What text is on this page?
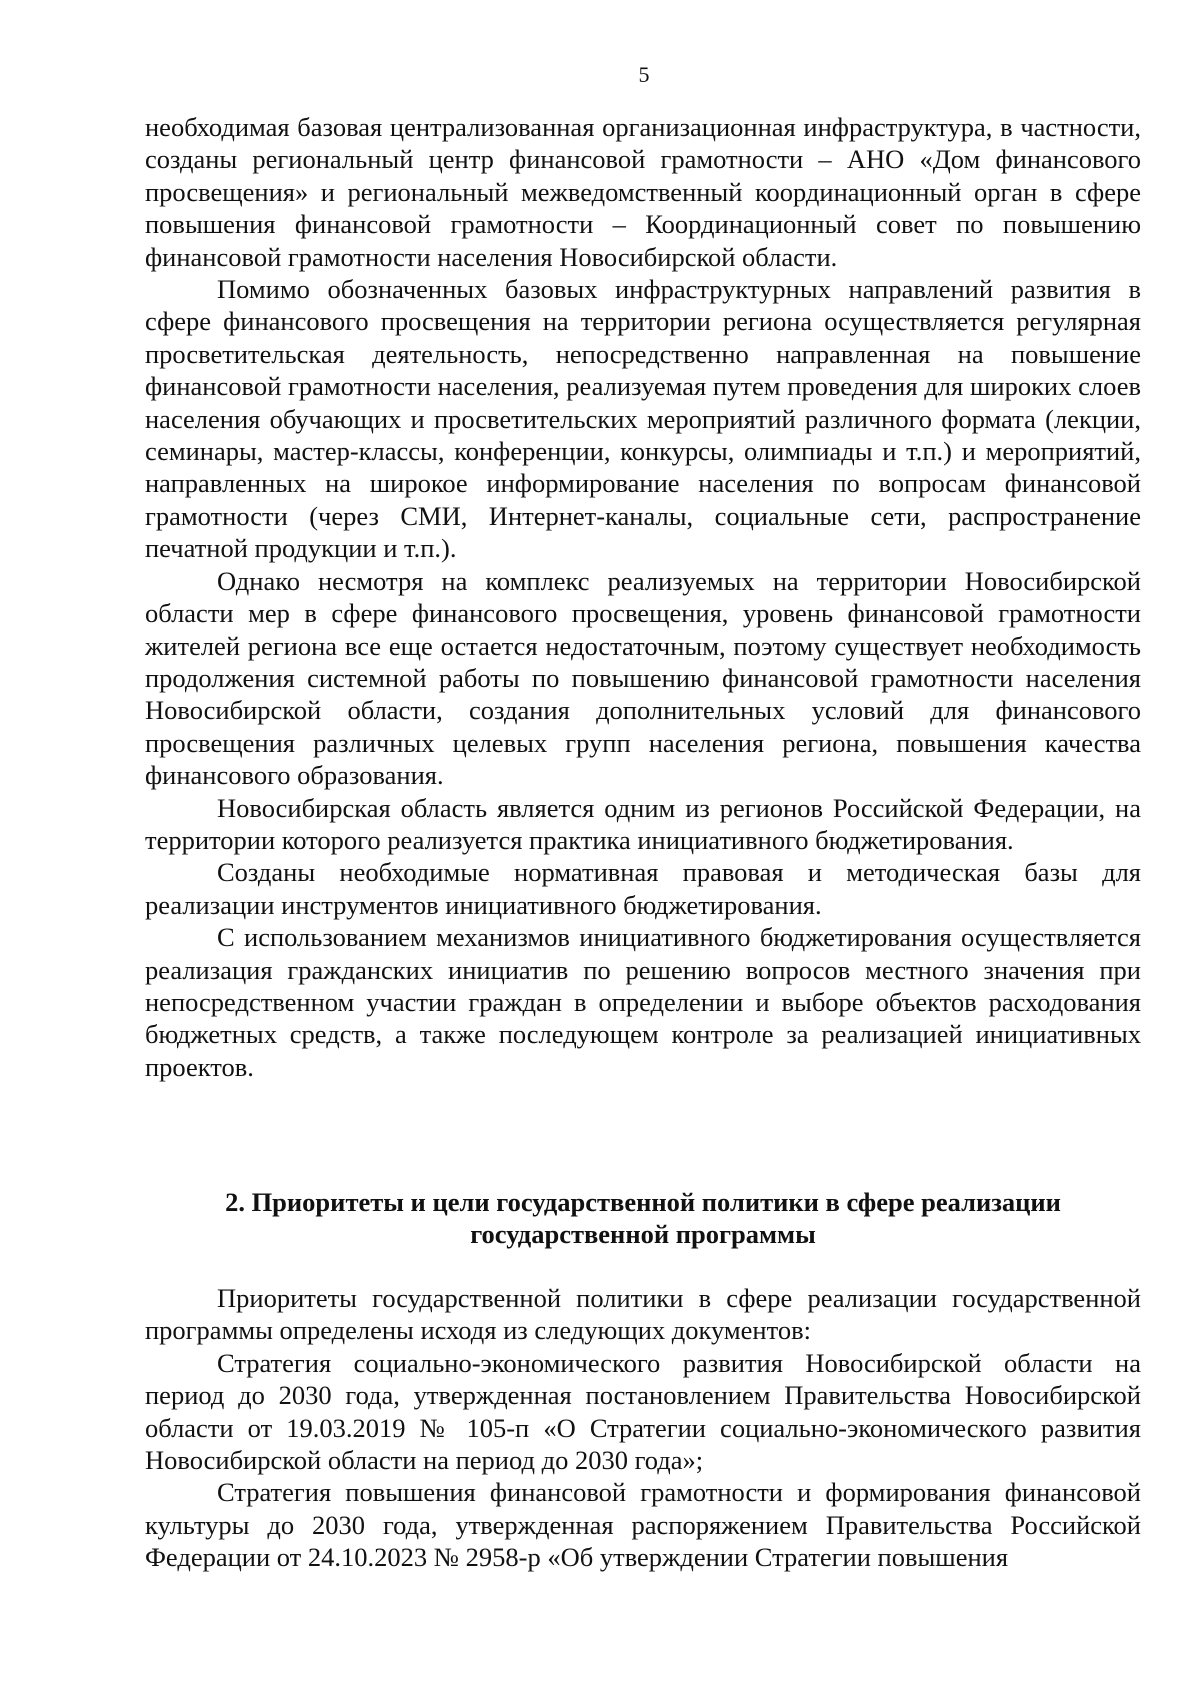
5

необходимая базовая централизованная организационная инфраструктура, в частности, созданы региональный центр финансовой грамотности – АНО «Дом финансового просвещения» и региональный межведомственный координационный орган в сфере повышения финансовой грамотности – Координационный совет по повышению финансовой грамотности населения Новосибирской области.

Помимо обозначенных базовых инфраструктурных направлений развития в сфере финансового просвещения на территории региона осуществляется регулярная просветительская деятельность, непосредственно направленная на повышение финансовой грамотности населения, реализуемая путем проведения для широких слоев населения обучающих и просветительских мероприятий различного формата (лекции, семинары, мастер-классы, конференции, конкурсы, олимпиады и т.п.) и мероприятий, направленных на широкое информирование населения по вопросам финансовой грамотности (через СМИ, Интернет-каналы, социальные сети, распространение печатной продукции и т.п.).

Однако несмотря на комплекс реализуемых на территории Новосибирской области мер в сфере финансового просвещения, уровень финансовой грамотности жителей региона все еще остается недостаточным, поэтому существует необходимость продолжения системной работы по повышению финансовой грамотности населения Новосибирской области, создания дополнительных условий для финансового просвещения различных целевых групп населения региона, повышения качества финансового образования.

Новосибирская область является одним из регионов Российской Федерации, на территории которого реализуется практика инициативного бюджетирования.

Созданы необходимые нормативная правовая и методическая базы для реализации инструментов инициативного бюджетирования.

С использованием механизмов инициативного бюджетирования осуществляется реализация гражданских инициатив по решению вопросов местного значения при непосредственном участии граждан в определении и выборе объектов расходования бюджетных средств, а также последующем контроле за реализацией инициативных проектов.

2. Приоритеты и цели государственной политики в сфере реализации
государственной программы

Приоритеты государственной политики в сфере реализации государственной программы определены исходя из следующих документов:

Стратегия социально-экономического развития Новосибирской области на период до 2030 года, утвержденная постановлением Правительства Новосибирской области от 19.03.2019 № 105-п «О Стратегии социально-экономического развития Новосибирской области на период до 2030 года»;

Стратегия повышения финансовой грамотности и формирования финансовой культуры до 2030 года, утвержденная распоряжением Правительства Российской Федерации от 24.10.2023 № 2958-р «Об утверждении Стратегии повышения
